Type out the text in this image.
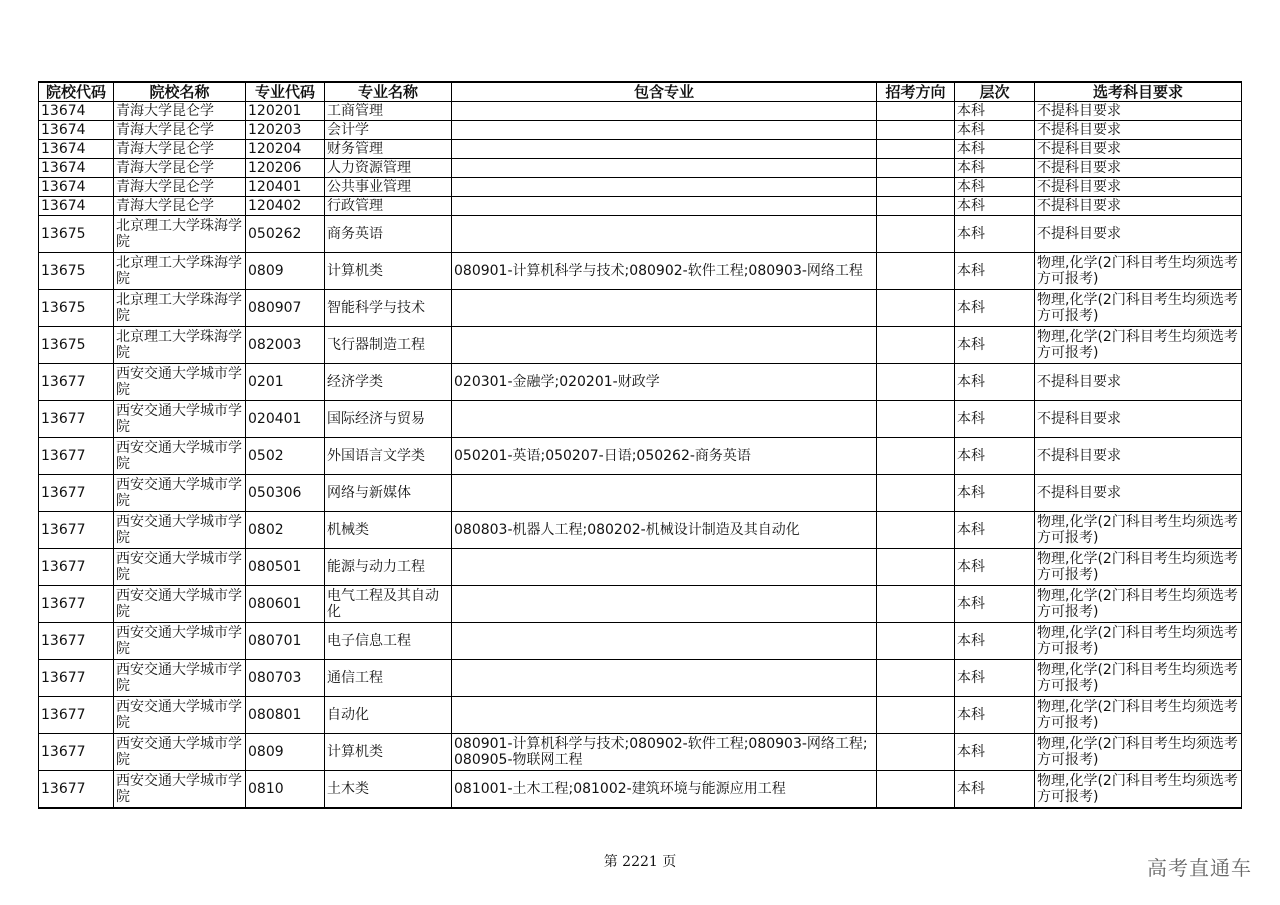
院校代码	院校名称	专业代码	专业名称	包含专业	招考方向	层次	选考科目要求
13674	青海大学昆仑学	120201	工商管理			本科	不提科目要求
13674	青海大学昆仑学	120203	会计学			本科	不提科目要求
13674	青海大学昆仑学	120204	财务管理			本科	不提科目要求
13674	青海大学昆仑学	120206	人力资源管理			本科	不提科目要求
13674	青海大学昆仑学	120401	公共事业管理			本科	不提科目要求
13674	青海大学昆仑学	120402	行政管理			本科	不提科目要求
13675	北京理工大学珠海学院	050262	商务英语			本科	不提科目要求
13675	北京理工大学珠海学院	0809	计算机类	080901-计算机科学与技术;080902-软件工程;080903-网络工程		本科	物理,化学(2门科目考生均须选考方可报考)
13675	北京理工大学珠海学院	080907	智能科学与技术			本科	物理,化学(2门科目考生均须选考方可报考)
13675	北京理工大学珠海学院	082003	飞行器制造工程			本科	物理,化学(2门科目考生均须选考方可报考)
13677	西安交通大学城市学院	0201	经济学类	020301-金融学;020201-财政学		本科	不提科目要求
13677	西安交通大学城市学院	020401	国际经济与贸易			本科	不提科目要求
13677	西安交通大学城市学院	0502	外国语言文学类	050201-英语;050207-日语;050262-商务英语		本科	不提科目要求
13677	西安交通大学城市学院	050306	网络与新媒体			本科	不提科目要求
13677	西安交通大学城市学院	0802	机械类	080803-机器人工程;080202-机械设计制造及其自动化		本科	物理,化学(2门科目考生均须选考方可报考)
13677	西安交通大学城市学院	080501	能源与动力工程			本科	物理,化学(2门科目考生均须选考方可报考)
13677	西安交通大学城市学院	080601	电气工程及其自动化			本科	物理,化学(2门科目考生均须选考方可报考)
13677	西安交通大学城市学院	080701	电子信息工程			本科	物理,化学(2门科目考生均须选考方可报考)
13677	西安交通大学城市学院	080703	通信工程			本科	物理,化学(2门科目考生均须选考方可报考)
13677	西安交通大学城市学院	080801	自动化			本科	物理,化学(2门科目考生均须选考方可报考)
13677	西安交通大学城市学院	0809	计算机类	080901-计算机科学与技术;080902-软件工程;080903-网络工程;080905-物联网工程		本科	物理,化学(2门科目考生均须选考方可报考)
13677	西安交通大学城市学院	0810	土木类	081001-土木工程;081002-建筑环境与能源应用工程		本科	物理,化学(2门科目考生均须选考方可报考)
第 2221 页	高考直通车
